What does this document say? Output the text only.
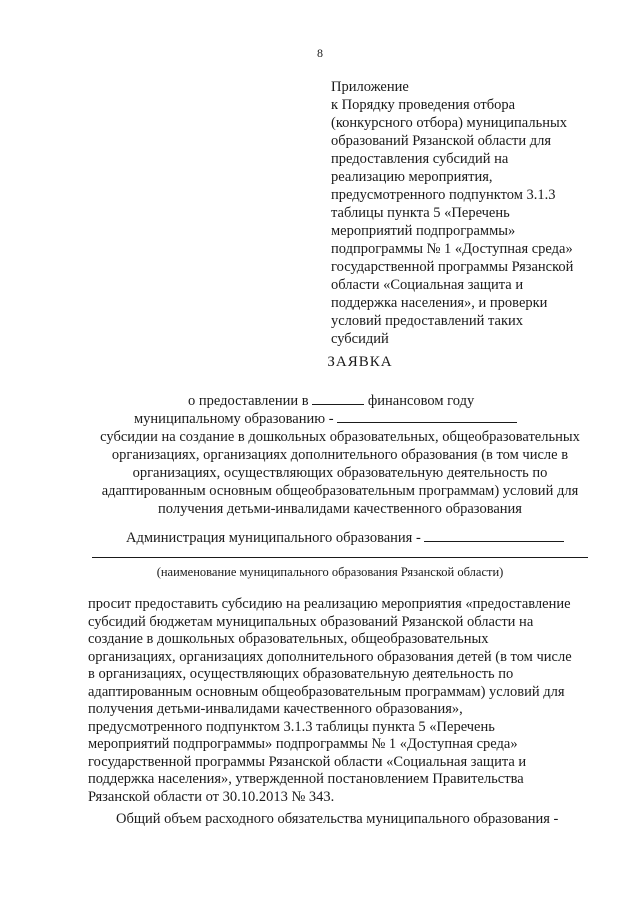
8
Приложение
к Порядку проведения отбора
(конкурсного отбора) муниципальных
образований Рязанской области для
предоставления субсидий на
реализацию мероприятия,
предусмотренного подпунктом 3.1.3
таблицы пункта 5 «Перечень
мероприятий подпрограммы»
подпрограммы № 1 «Доступная среда»
государственной программы Рязанской
области «Социальная защита и
поддержка населения», и проверки
условий предоставлений таких
субсидий
ЗАЯВКА
о предоставлении в	финансовом году
муниципальному образованию -
субсидии на создание в дошкольных образовательных, общеобразовательных
организациях, организациях дополнительного образования (в том числе в
организациях, осуществляющих образовательную деятельность по
адаптированным основным общеобразовательным программам) условий для
получения детьми-инвалидами качественного образования
Администрация муниципального образования -
(наименование муниципального образования Рязанской области)
просит предоставить субсидию на реализацию мероприятия «предоставление
субсидий бюджетам муниципальных образований Рязанской области на
создание в дошкольных образовательных, общеобразовательных
организациях, организациях дополнительного образования детей (в том числе
в организациях, осуществляющих образовательную деятельность по
адаптированным основным общеобразовательным программам) условий для
получения детьми-инвалидами качественного образования»,
предусмотренного подпунктом 3.1.3 таблицы пункта 5 «Перечень
мероприятий подпрограммы» подпрограммы № 1 «Доступная среда»
государственной программы Рязанской области «Социальная защита и
поддержка населения», утвержденной постановлением Правительства
Рязанской области от 30.10.2013 № 343.
Общий объем расходного обязательства муниципального образования -
